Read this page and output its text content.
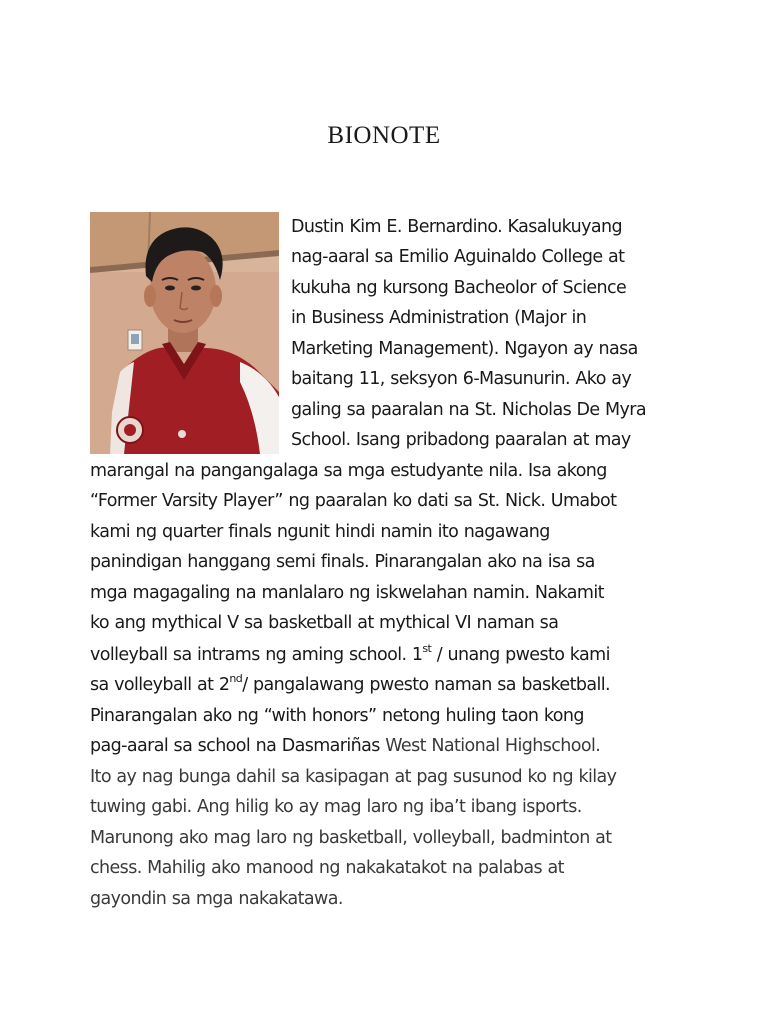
BIONOTE
Dustin Kim E. Bernardino. Kasalukuyang
nag-aaral sa Emilio Aguinaldo College at
kukuha ng kursong Bacheolor of Science
in Business Administration (Major in
Marketing Management). Ngayon ay nasa
baitang 11, seksyon 6-Masunurin. Ako ay
galing sa paaralan na St. Nicholas De Myra
School. Isang pribadong paaralan at may
marangal na pangangalaga sa mga estudyante nila. Isa akong
“Former Varsity Player” ng paaralan ko dati sa St. Nick. Umabot
kami ng quarter finals ngunit hindi namin ito nagawang
panindigan hanggang semi finals. Pinarangalan ako na isa sa
mga magagaling na manlalaro ng iskwelahan namin. Nakamit
ko ang mythical V sa basketball at mythical VI naman sa
volleyball sa intrams ng aming school. 1st / unang pwesto kami
sa volleyball at 2nd/ pangalawang pwesto naman sa basketball.
Pinarangalan ako ng “with honors” netong huling taon kong
pag-aaral sa school na Dasmariñas West National Highschool.
Ito ay nag bunga dahil sa kasipagan at pag susunod ko ng kilay
tuwing gabi. Ang hilig ko ay mag laro ng iba’t ibang isports.
Marunong ako mag laro ng basketball, volleyball, badminton at
chess. Mahilig ako manood ng nakakatakot na palabas at
gayondin sa mga nakakatawa.
